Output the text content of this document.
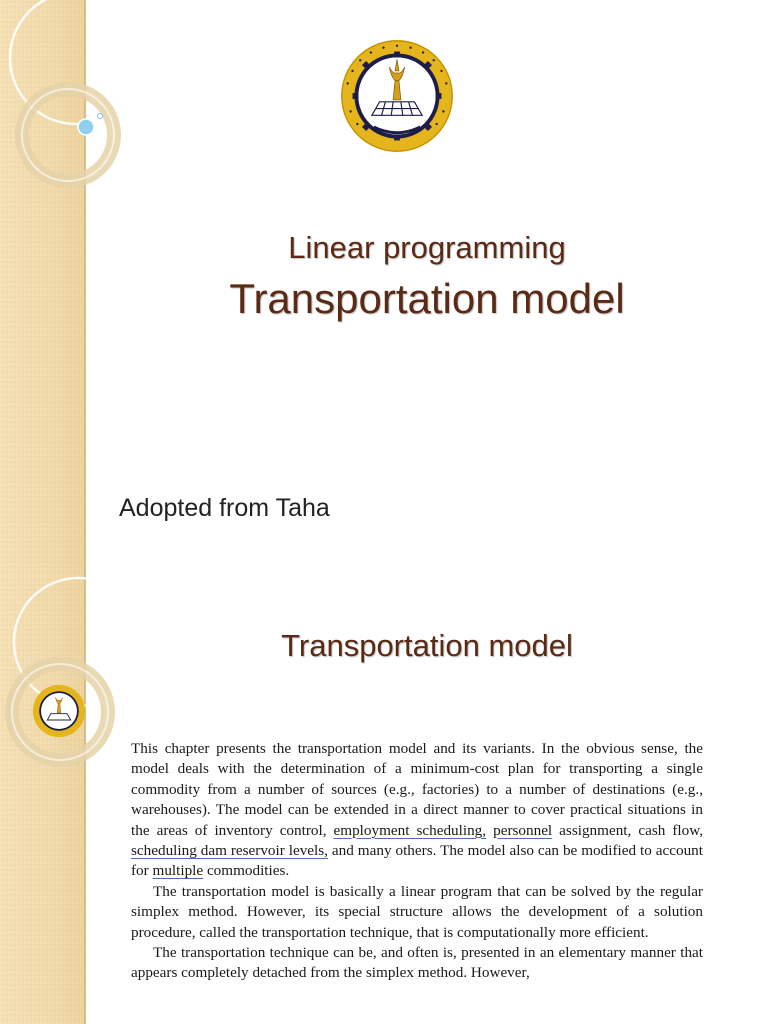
Linear programming
Transportation model
Adopted from Taha
Transportation model

This chapter presents the transportation model and its variants. In the obvious sense, the model deals with the determination of a minimum-cost plan for transporting a single commodity from a number of sources (e.g., factories) to a number of destinations (e.g., warehouses). The model can be extended in a direct manner to cover practical situations in the areas of inventory control, employment scheduling, personnel assignment, cash flow, scheduling dam reservoir levels, and many others. The model also can be modified to account for multiple commodities.

The transportation model is basically a linear program that can be solved by the regular simplex method. However, its special structure allows the development of a solution procedure, called the transportation technique, that is computationally more efficient.

The transportation technique can be, and often is, presented in an elementary manner that appears completely detached from the simplex method. However,
